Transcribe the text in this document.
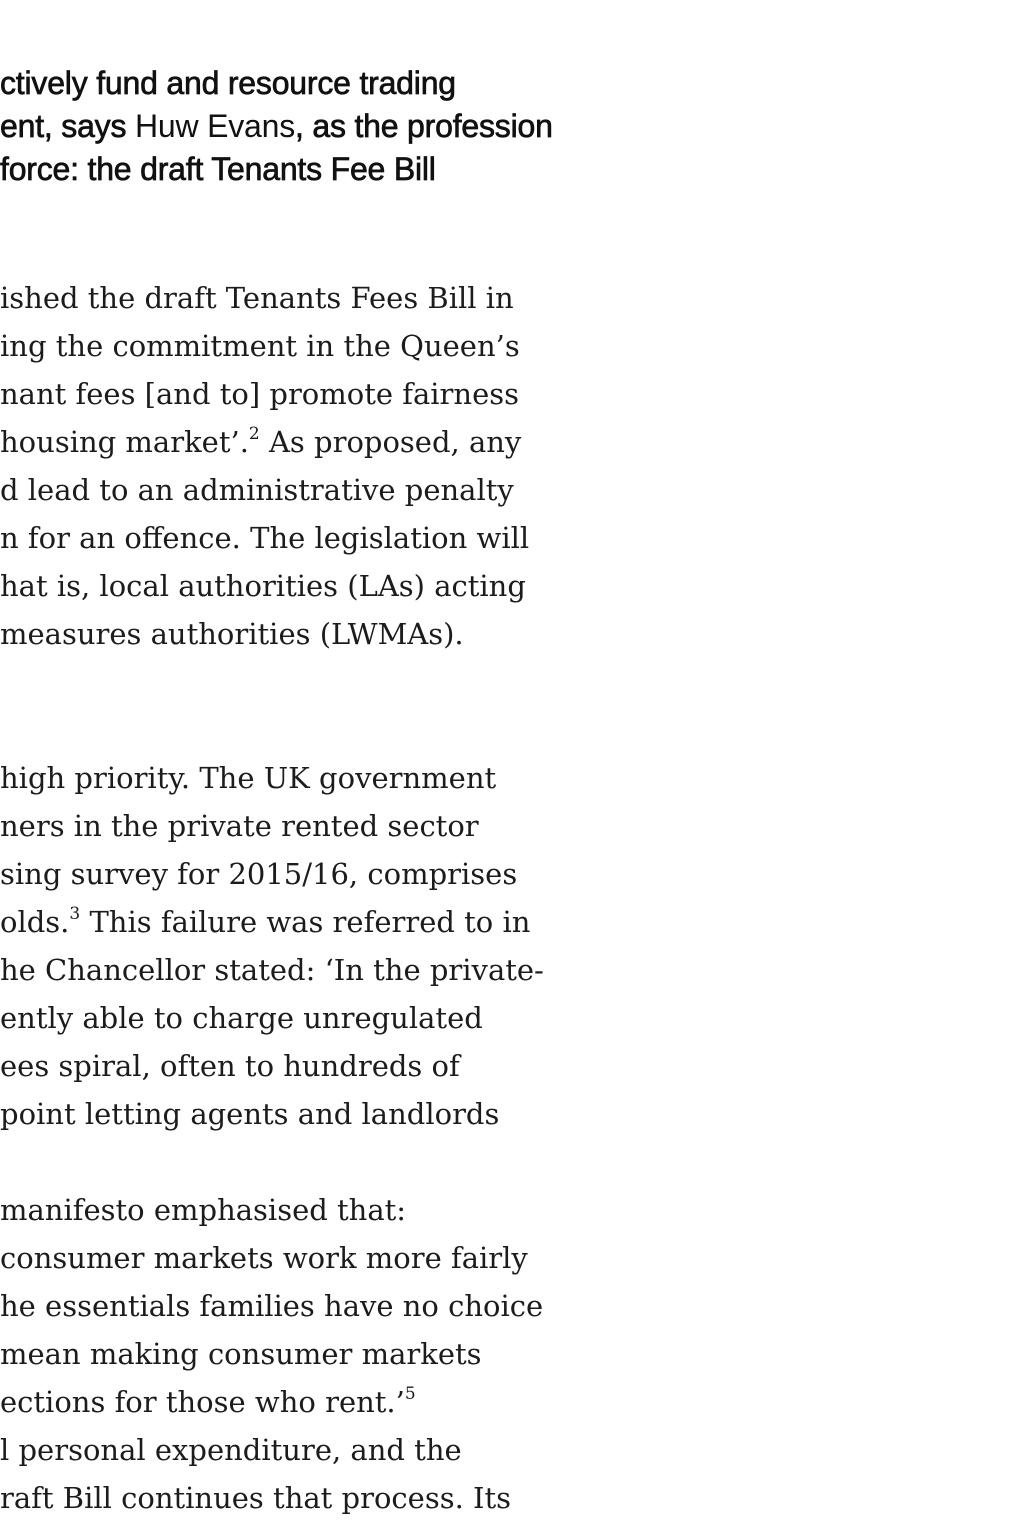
ctively fund and resource trading
ent, says Huw Evans, as the profession
force: the draft Tenants Fee Bill
ished the draft Tenants Fees Bill in
ing the commitment in the Queen’s
nant fees [and to] promote fairness
housing market’.$^2$ As proposed, any
d lead to an administrative penalty
n for an offence. The legislation will
hat is, local authorities (LAs) acting
measures authorities (LWMAs).
high priority. The UK government
ners in the private rented sector
sing survey for 2015/16, comprises
olds.$^3$ This failure was referred to in
he Chancellor stated: ‘In the private-
ently able to charge unregulated
ees spiral, often to hundreds of
point letting agents and landlords
manifesto emphasised that:
consumer markets work more fairly
he essentials families have no choice
mean making consumer markets
ections for those who rent.’$^5$
l personal expenditure, and the
raft Bill continues that process. Its
